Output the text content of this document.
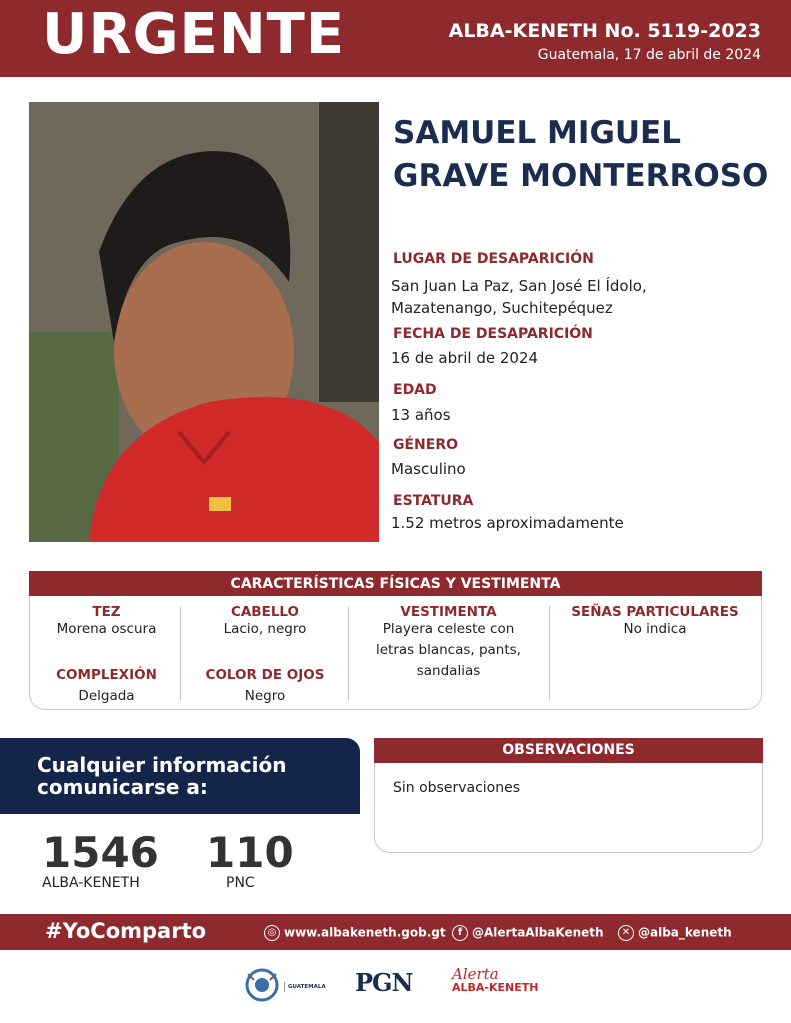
URGENTE	ALBA-KENETH No. 5119-2023
Guatemala, 17 de abril de 2024
SAMUEL MIGUEL
GRAVE MONTERROSO
LUGAR DE DESAPARICIÓN
San Juan La Paz, San José El Ídolo,
Mazatenango, Suchitepéquez
FECHA DE DESAPARICIÓN
16 de abril de 2024
EDAD
13 años
GÉNERO
Masculino
ESTATURA
1.52 metros aproximadamente
CARACTERÍSTICAS FÍSICAS Y VESTIMENTA
TEZ
Morena oscura
COMPLEXIÓN
Delgada
CABELLO
Lacio, negro
COLOR DE OJOS
Negro
VESTIMENTA
Playera celeste con
letras blancas, pants,
sandalias
SEÑAS PARTICULARES
No indica
Cualquier información
comunicarse a:
1546
ALBA-KENETH
110
PNC
OBSERVACIONES
Sin observaciones
#YoComparto	◎ www.albakeneth.gob.gt	f @AlertaAlbaKeneth	✕ @alba_keneth
GUATEMALA PGN	Alerta
ALBA-KENETH
